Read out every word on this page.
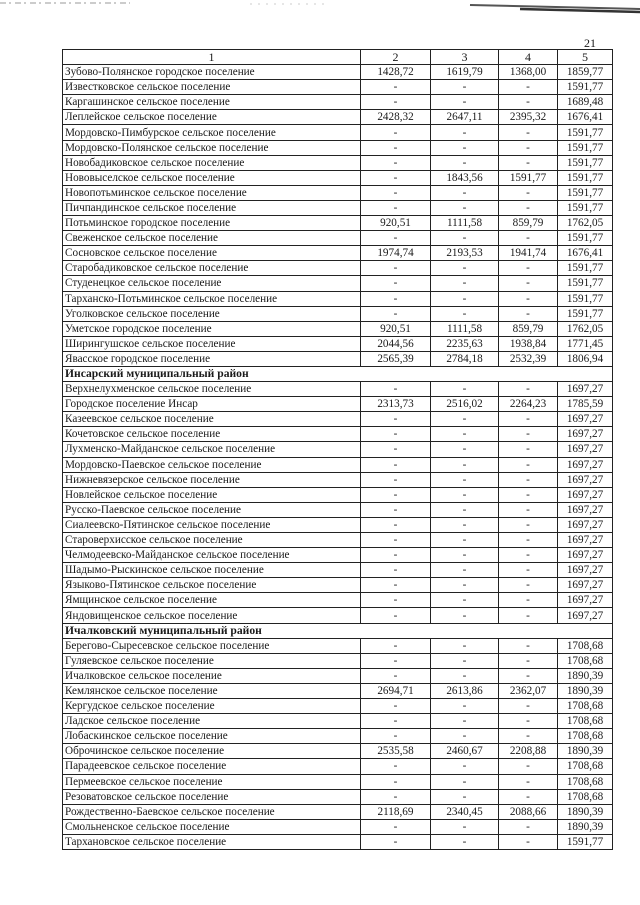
21
1	2	3	4	5
Зубово-Полянское городское поселение	1428,72	1619,79	1368,00	1859,77
Известковское сельское поселение	-	-	-	1591,77
Каргашинское сельское поселение	-	-	-	1689,48
Леплейское сельское поселение	2428,32	2647,11	2395,32	1676,41
Мордовско-Пимбурское сельское поселение	-	-	-	1591,77
Мордовско-Полянское сельское поселение	-	-	-	1591,77
Новобадиковское сельское поселение	-	-	-	1591,77
Нововыселское сельское поселение	-	1843,56	1591,77	1591,77
Новопотьминское сельское поселение	-	-	-	1591,77
Пичпандинское сельское поселение	-	-	-	1591,77
Потьминское городское поселение	920,51	1111,58	859,79	1762,05
Свеженское сельское поселение	-	-	-	1591,77
Сосновское сельское поселение	1974,74	2193,53	1941,74	1676,41
Старобадиковское сельское поселение	-	-	-	1591,77
Студенецкое сельское поселение	-	-	-	1591,77
Тарханско-Потьминское сельское поселение	-	-	-	1591,77
Уголковское сельское поселение	-	-	-	1591,77
Уметское городское поселение	920,51	1111,58	859,79	1762,05
Ширингушское сельское поселение	2044,56	2235,63	1938,84	1771,45
Явасское городское поселение	2565,39	2784,18	2532,39	1806,94
Инсарский муниципальный район				
Верхнелухменское сельское поселение	-	-	-	1697,27
Городское поселение Инсар	2313,73	2516,02	2264,23	1785,59
Казеевское сельское поселение	-	-	-	1697,27
Кочетовское сельское поселение	-	-	-	1697,27
Лухменско-Майданское сельское поселение	-	-	-	1697,27
Мордовско-Паевское сельское поселение	-	-	-	1697,27
Нижневязерское сельское поселение	-	-	-	1697,27
Новлейское сельское поселение	-	-	-	1697,27
Русско-Паевское сельское поселение	-	-	-	1697,27
Сиалеевско-Пятинское сельское поселение	-	-	-	1697,27
Староверхисское сельское поселение	-	-	-	1697,27
Челмодеевско-Майданское сельское поселение	-	-	-	1697,27
Шадымо-Рыскинское сельское поселение	-	-	-	1697,27
Языково-Пятинское сельское поселение	-	-	-	1697,27
Ямщинское сельское поселение	-	-	-	1697,27
Яндовищенское сельское поселение	-	-	-	1697,27
Ичалковский муниципальный район				
Берегово-Сыресевское сельское поселение	-	-	-	1708,68
Гуляевское сельское поселение	-	-	-	1708,68
Ичалковское сельское поселение	-	-	-	1890,39
Кемлянское сельское поселение	2694,71	2613,86	2362,07	1890,39
Кергудское сельское поселение	-	-	-	1708,68
Ладское сельское поселение	-	-	-	1708,68
Лобаскинское сельское поселение	-	-	-	1708,68
Оброчинское сельское поселение	2535,58	2460,67	2208,88	1890,39
Парадеевское сельское поселение	-	-	-	1708,68
Пермеевское сельское поселение	-	-	-	1708,68
Резоватовское сельское поселение	-	-	-	1708,68
Рождественно-Баевское сельское поселение	2118,69	2340,45	2088,66	1890,39
Смольненское сельское поселение	-	-	-	1890,39
Тархановское сельское поселение	-	-	-	1591,77
